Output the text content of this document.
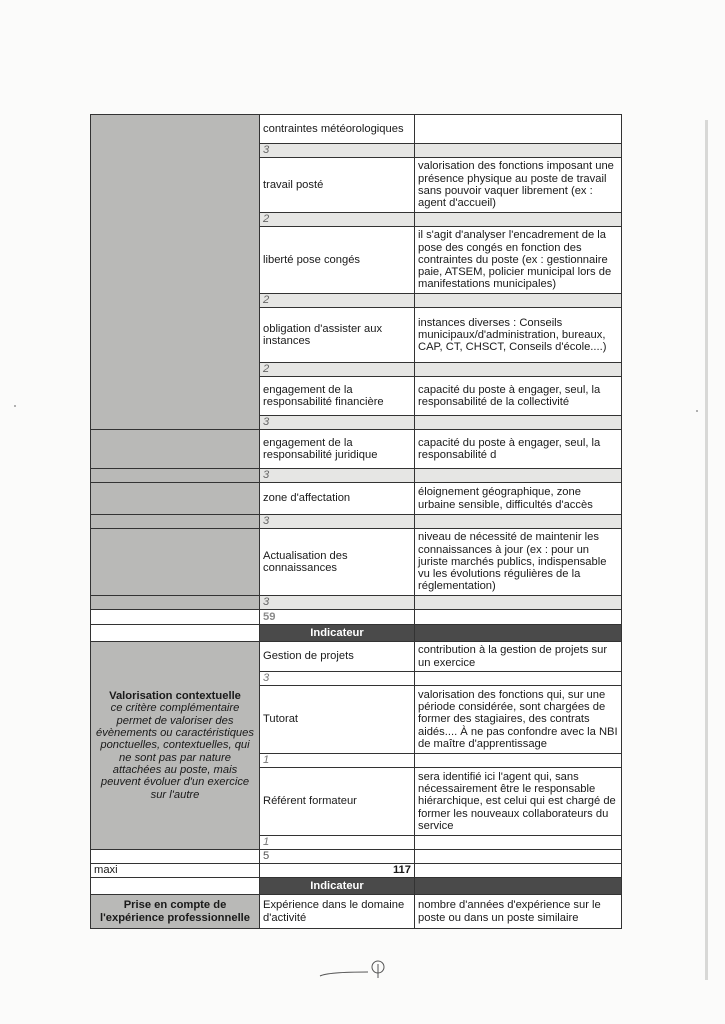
	contraintes météorologiques	
	3	
	travail posté	valorisation des fonctions imposant une présence physique au poste de travail sans pouvoir vaquer librement (ex : agent d'accueil)
	2	
	liberté pose congés	il s'agit d'analyser l'encadrement de la pose des congés en fonction des contraintes du poste (ex : gestionnaire paie, ATSEM, policier municipal lors de manifestations municipales)
	2	
	obligation d'assister aux instances	instances diverses : Conseils municipaux/d'administration, bureaux, CAP, CT, CHSCT, Conseils d'école....)
	2	
	engagement de la responsabilité financière	capacité du poste à engager, seul, la responsabilité de la collectivité
	3	
	engagement de la responsabilité juridique	capacité du poste à engager, seul, la responsabilité d
	3	
	zone d'affectation	éloignement géographique, zone urbaine sensible, difficultés d'accès
	3	
	Actualisation des connaissances	niveau de nécessité de maintenir les connaissances à jour (ex : pour un juriste marchés publics, indispensable vu les évolutions régulières de la réglementation)
	3	
	59	
	Indicateur	

Valorisation contextuelle
ce critère complémentaire permet de valoriser des évènements ou caractéristiques ponctuelles, contextuelles, qui ne sont pas par nature attachées au poste, mais peuvent évoluer d'un exercice sur l'autre	Gestion de projets	contribution à la gestion de projets sur un exercice
	3	
	Tutorat	valorisation des fonctions qui, sur une période considérée, sont chargées de former des stagiaires, des contrats aidés.... À ne pas confondre avec la NBI de maître d'apprentissage
	1	
	Référent formateur	sera identifié ici l'agent qui, sans nécessairement être le responsable hiérarchique, est celui qui est chargé de former les nouveaux collaborateurs du service
	1	
	5	
maxi	117	
	Indicateur	
Prise en compte de l'expérience professionnelle	Expérience dans le domaine d'activité	nombre d'années d'expérience sur le poste ou dans un poste similaire
